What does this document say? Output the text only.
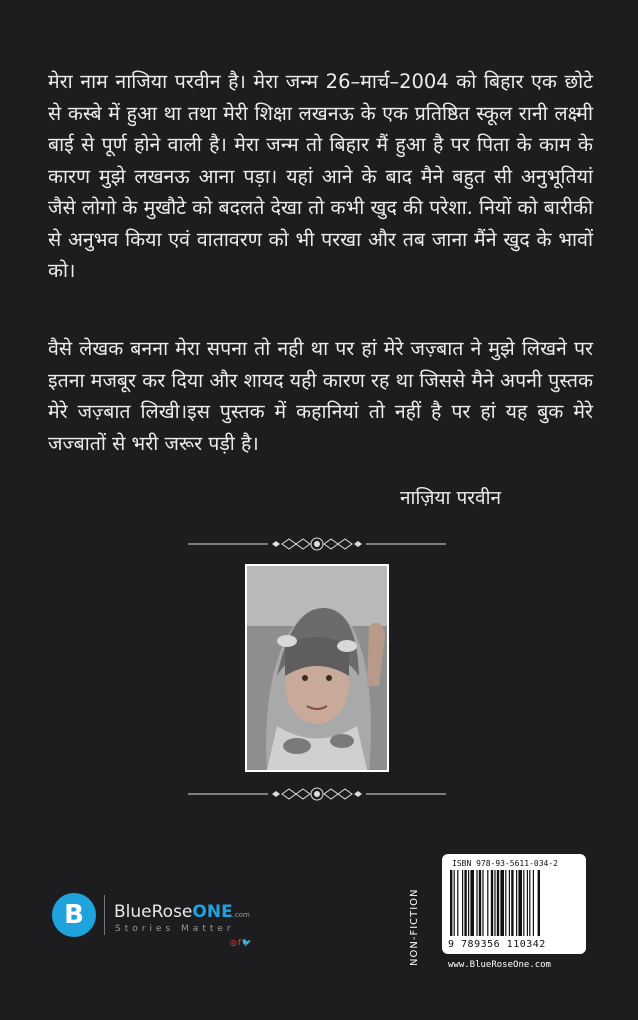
मेरा नाम नाजिया परवीन है। मेरा जन्म 26–मार्च–2004 को बिहार एक छोटे से कस्बे में हुआ था तथा मेरी शिक्षा लखनऊ के एक प्रतिष्ठित स्कूल रानी लक्ष्मी बाई से पूर्ण होने वाली है। मेरा जन्म तो बिहार मैं हुआ है पर पिता के काम के कारण मुझे लखनऊ आना पड़ा। यहां आने के बाद मैने बहुत सी अनुभूतियां जैसे लोगो के मुखौटे को बदलते देखा तो कभी खुद की परेशा. नियों को बारीकी से अनुभव किया एवं वातावरण को भी परखा और तब जाना मैंने खुद के भावों को।
वैसे लेखक बनना मेरा सपना तो नही था पर हां मेरे जज़्बात ने मुझे लिखने पर इतना मजबूर कर दिया और शायद यही कारण रह था जिससे मैने अपनी पुस्तक मेरे जज़्बात लिखी।इस पुस्तक में कहानियां तो नहीं है पर हां यह बुक मेरे जज्बातों से भरी जरूर पड़ी है।
नाज़िया परवीन
B	BlueRoseONE.com
Stories Matter
◎f🐦	NON-FICTION
ISBN 978-93-5611-034-2
9 789356 110342
www.BlueRoseOne.com
